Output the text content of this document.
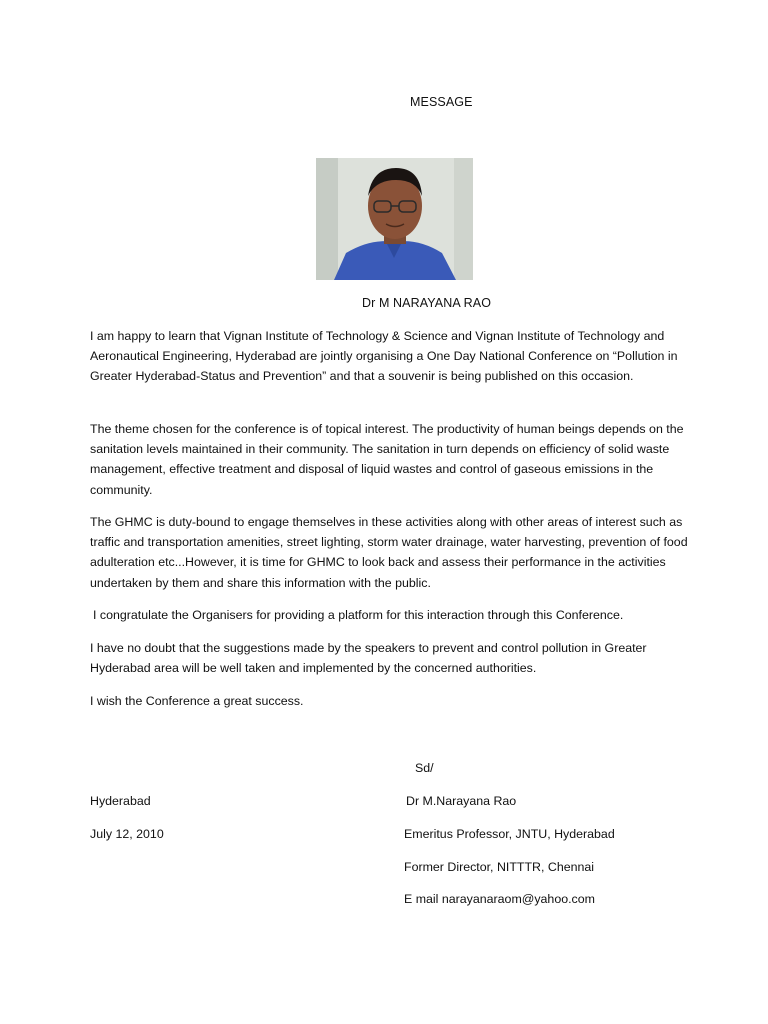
MESSAGE
Dr M NARAYANA RAO
I am happy to learn that Vignan Institute of Technology & Science and Vignan Institute of Technology and Aeronautical Engineering, Hyderabad are jointly organising a One Day National Conference on “Pollution in Greater Hyderabad-Status and Prevention” and that a souvenir is being published on this occasion.
The theme chosen for the conference is of topical interest. The productivity of human beings depends on the sanitation levels maintained in their community. The sanitation in turn depends on efficiency of solid waste management, effective treatment and disposal of liquid wastes and control of gaseous emissions in the community.
The GHMC is duty-bound to engage themselves in these activities along with other areas of interest such as traffic and transportation amenities, street lighting, storm water drainage, water harvesting, prevention of food adulteration etc...However, it is time for GHMC to look back and assess their performance in the activities undertaken by them and share this information with the public.
I congratulate the Organisers for providing a platform for this interaction through this Conference.
I have no doubt that the suggestions made by the speakers to prevent and control pollution in Greater Hyderabad area will be well taken and implemented by the concerned authorities.
I wish the Conference a great success.
Sd/
Hyderabad	Dr M.Narayana Rao
July 12, 2010	Emeritus Professor, JNTU, Hyderabad
Former Director, NITTTR, Chennai
E mail narayanaraom@yahoo.com
